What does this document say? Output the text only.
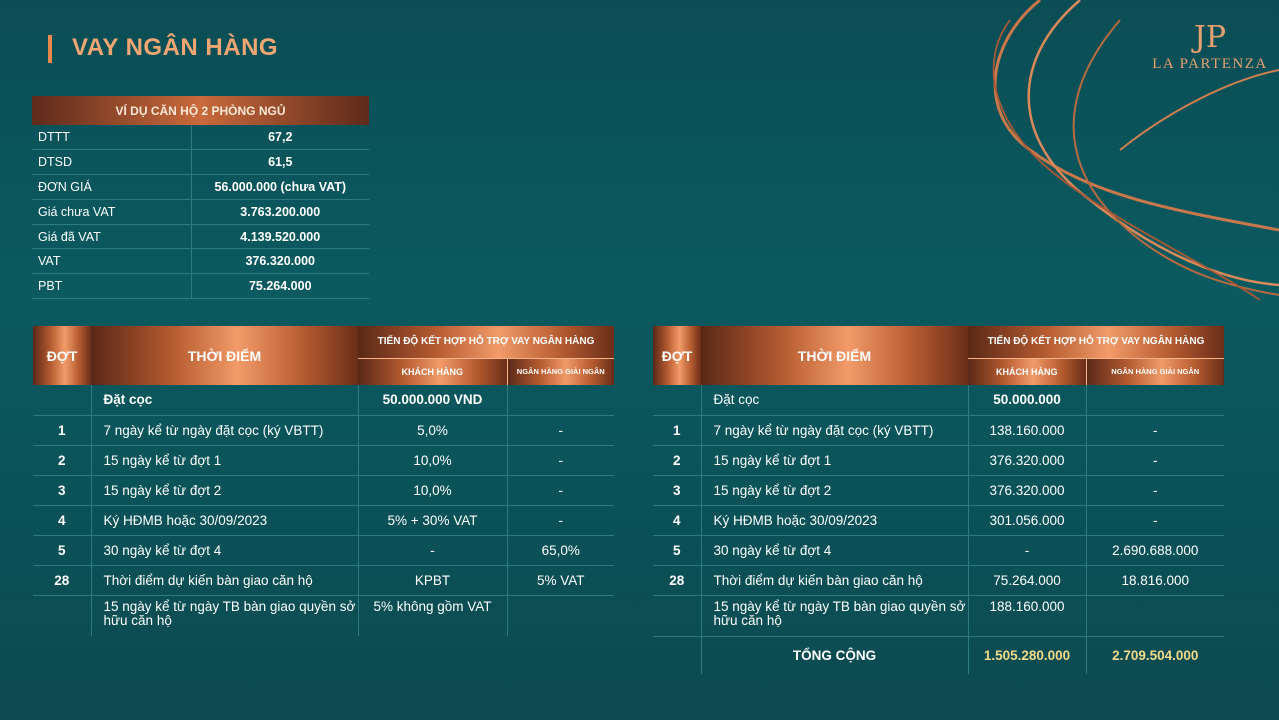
VAY NGÂN HÀNG	JP
LA PARTENZA
VÍ DỤ CĂN HỘ 2 PHÒNG NGỦ	
DTTT	67,2
DTSD	61,5
ĐƠN GIÁ	56.000.000 (chưa VAT)
Giá chưa VAT	3.763.200.000
Giá đã VAT	4.139.520.000
VAT	376.320.000
PBT	75.264.000
ĐỢT	THỜI ĐIỂM	TIẾN ĐỘ KẾT HỢP HỖ TRỢ VAY NGÂN HÀNG	
		KHÁCH HÀNG	NGÂN HÀNG GIẢI NGÂN
	Đặt cọc	50.000.000 VND	
1	7 ngày kể từ ngày đặt cọc (ký VBTT)	5,0%	-
2	15 ngày kể từ đợt 1	10,0%	-
3	15 ngày kể từ đợt 2	10,0%	-
4	Ký HĐMB hoặc 30/09/2023	5% + 30% VAT	-
5	30 ngày kể từ đợt 4	-	65,0%
28	Thời điểm dự kiến bàn giao căn hộ	KPBT	5% VAT
	15 ngày kể từ ngày TB bàn giao quyền sở hữu căn hộ	5% không gồm VAT	
ĐỢT	THỜI ĐIỂM	TIẾN ĐỘ KẾT HỢP HỖ TRỢ VAY NGÂN HÀNG	
		KHÁCH HÀNG	NGÂN HÀNG GIẢI NGÂN
	Đặt cọc	50.000.000	
1	7 ngày kể từ ngày đặt cọc (ký VBTT)	138.160.000	-
2	15 ngày kể từ đợt 1	376.320.000	-
3	15 ngày kể từ đợt 2	376.320.000	-
4	Ký HĐMB hoặc 30/09/2023	301.056.000	-
5	30 ngày kể từ đợt 4	-	2.690.688.000
28	Thời điểm dự kiến bàn giao căn hộ	75.264.000	18.816.000
	15 ngày kể từ ngày TB bàn giao quyền sở hữu căn hộ	188.160.000	
	TỔNG CỘNG	1.505.280.000	2.709.504.000
